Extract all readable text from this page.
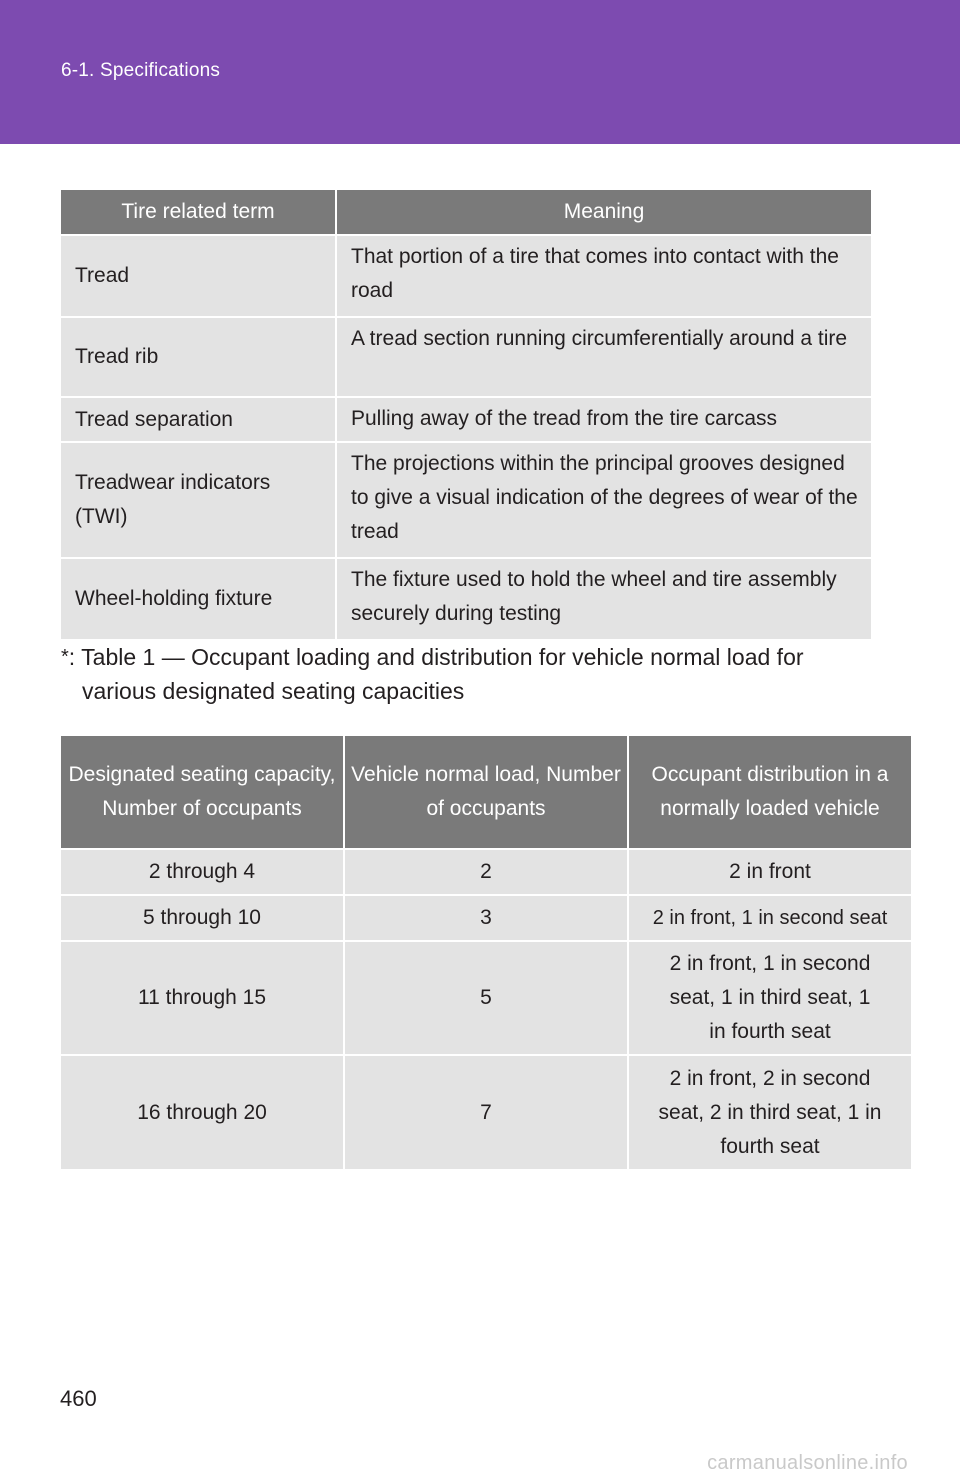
6-1. Specifications
Tire related term	Meaning
Tread	That portion of a tire that comes into contact with the road
Tread rib	A tread section running circumferentially around a tire
Tread separation	Pulling away of the tread from the tire carcass
Treadwear indicators (TWI)	The projections within the principal grooves designed to give a visual indication of the degrees of wear of the tread
Wheel-holding fixture	The fixture used to hold the wheel and tire assembly securely during testing
*: Table 1 — Occupant loading and distribution for vehicle normal load for
various designated seating capacities
Designated seating capacity, Number of occupants	Vehicle normal load, Number of occupants	Occupant distribution in a normally loaded vehicle
2 through 4	2	2 in front
5 through 10	3	2 in front, 1 in second seat
11 through 15	5	2 in front, 1 in second seat, 1 in third seat, 1 in fourth seat
16 through 20	7	2 in front, 2 in second seat, 2 in third seat, 1 in fourth seat
460
carmanualsonline.info
